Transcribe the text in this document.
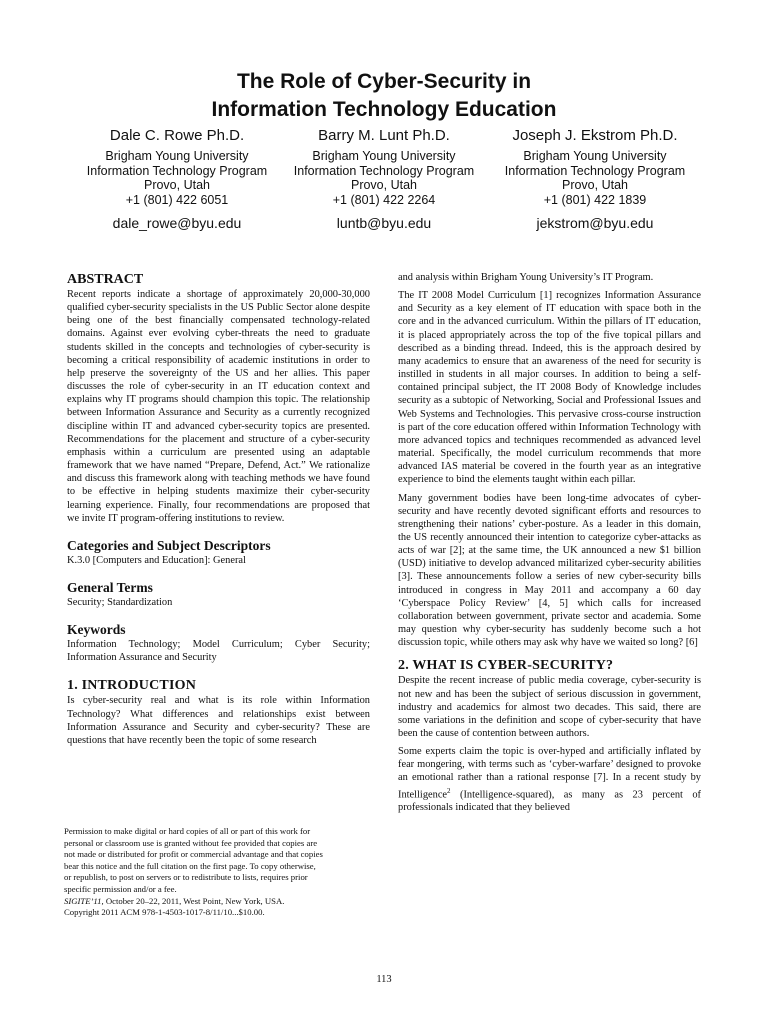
The Role of Cyber-Security in
Information Technology Education
Dale C. Rowe Ph.D.
Brigham Young University
Information Technology Program
Provo, Utah
+1 (801) 422 6051
dale_rowe@byu.edu
Barry M. Lunt Ph.D.
Brigham Young University
Information Technology Program
Provo, Utah
+1 (801) 422 2264
luntb@byu.edu
Joseph J. Ekstrom Ph.D.
Brigham Young University
Information Technology Program
Provo, Utah
+1 (801) 422 1839
jekstrom@byu.edu
ABSTRACT

Recent reports indicate a shortage of approximately 20,000-30,000 qualified cyber-security specialists in the US Public Sector alone despite being one of the best financially compensated technology-related domains. Against ever evolving cyber-threats the need to graduate students skilled in the concepts and technologies of cyber-security is becoming a critical responsibility of academic institutions in order to help preserve the sovereignty of the US and her allies. This paper discusses the role of cyber-security in an IT education context and explains why IT programs should champion this topic. The relationship between Information Assurance and Security as a currently recognized discipline within IT and advanced cyber-security topics are presented. Recommendations for the placement and structure of a cyber-security emphasis within a curriculum are presented using an adaptable framework that we have named “Prepare, Defend, Act.” We rationalize and discuss this framework along with teaching methods we have found to be effective in helping students maximize their cyber-security learning experience. Finally, four recommendations are proposed that we invite IT program-offering institutions to review.

Categories and Subject Descriptors

K.3.0 [Computers and Education]: General

General Terms

Security; Standardization

Keywords

Information Technology; Model Curriculum; Cyber Security; Information Assurance and Security

1. INTRODUCTION

Is cyber-security real and what is its role within Information Technology? What differences and relationships exist between Information Assurance and Security and cyber-security? These are questions that have recently been the topic of some research

Permission to make digital or hard copies of all or part of this work for
personal or classroom use is granted without fee provided that copies are
not made or distributed for profit or commercial advantage and that copies
bear this notice and the full citation on the first page. To copy otherwise,
or republish, to post on servers or to redistribute to lists, requires prior
specific permission and/or a fee.
SIGITE’11, October 20–22, 2011, West Point, New York, USA.
Copyright 2011 ACM 978-1-4503-1017-8/11/10...$10.00.

and analysis within Brigham Young University’s IT Program.

The IT 2008 Model Curriculum [1] recognizes Information Assurance and Security as a key element of IT education with space both in the core and in the advanced curriculum. Within the pillars of IT education, it is placed appropriately across the top of the five topical pillars and described as a binding thread. Indeed, this is the approach desired by many academics to ensure that an awareness of the need for security is instilled in students in all major courses. In addition to being a self-contained principal subject, the IT 2008 Body of Knowledge includes security as a subtopic of Networking, Social and Professional Issues and Web Systems and Technologies. This pervasive cross-course instruction is part of the core education offered within Information Technology with more advanced topics and techniques recommended as advanced level material. Specifically, the model curriculum recommends that more advanced IAS material be covered in the fourth year as an integrative experience to bind the elements taught within each pillar.

Many government bodies have been long-time advocates of cyber-security and have recently devoted significant efforts and resources to strengthening their nations’ cyber-posture. As a leader in this domain, the US recently announced their intention to categorize cyber-attacks as acts of war [2]; at the same time, the UK announced a new $1 billion (USD) initiative to develop advanced militarized cyber-security abilities [3]. These announcements follow a series of new cyber-security bills introduced in congress in May 2011 and accompany a 60 day ‘Cyberspace Policy Review’ [4, 5] which calls for increased collaboration between government, private sector and academia. Some may question why cyber-security has suddenly become such a hot discussion topic, while others may ask why have we waited so long? [6]

2. WHAT IS CYBER-SECURITY?

Despite the recent increase of public media coverage, cyber-security is not new and has been the subject of serious discussion in government, industry and academics for almost two decades. This said, there are some variations in the definition and scope of cyber-security that have been the cause of contention between authors.

Some experts claim the topic is over-hyped and artificially inflated by fear mongering, with terms such as ‘cyber-warfare’ designed to provoke an emotional rather than a rational response [7]. In a recent study by Intelligence$^2$ (Intelligence-squared), as many as 23 percent of professionals indicated that they believed

113
